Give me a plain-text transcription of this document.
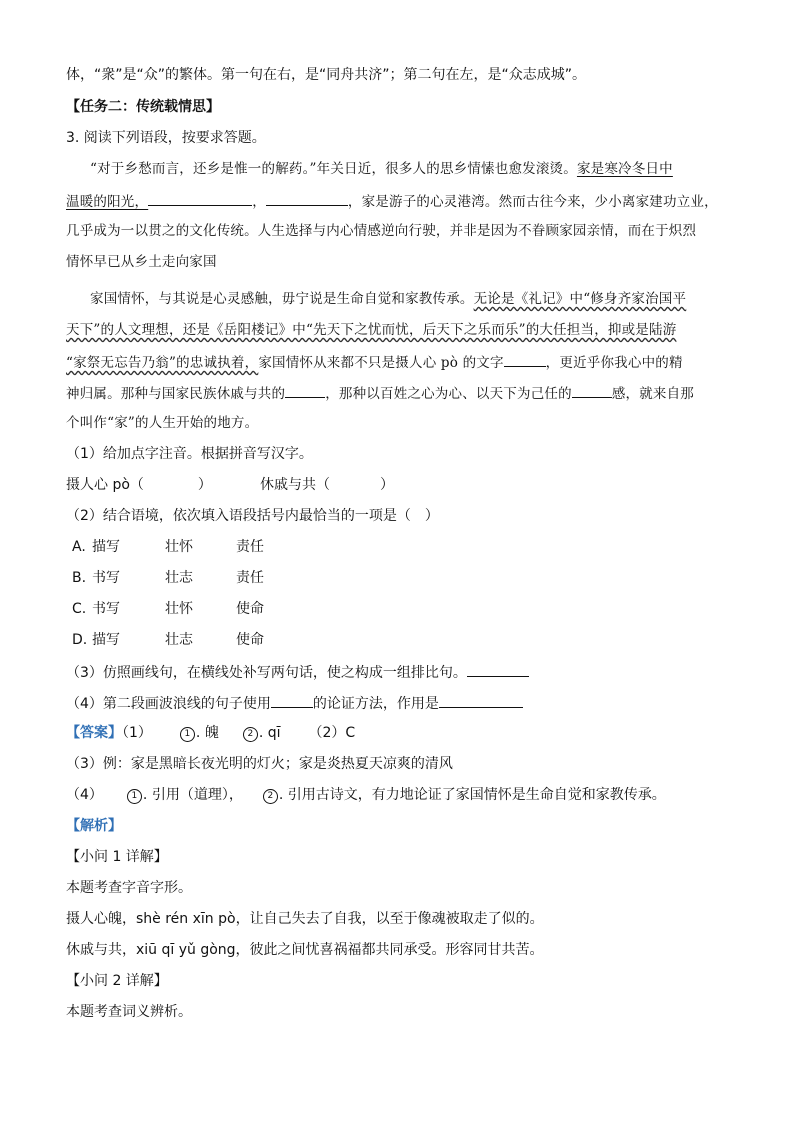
体，“衆”是“众”的繁体。第一句在右，是“同舟共济”；第二句在左，是“众志成城”。
【任务二：传统载情思】
3. 阅读下列语段，按要求答题。
“对于乡愁而言，还乡是惟一的解药。”年关日近，很多人的思乡情愫也愈发滚烫。家是寒冷冬日中
温暖的阳光，	，	，家是游子的心灵港湾。然而古往今来，少小离家建功立业，
几乎成为一以贯之的文化传统。人生选择与内心情感逆向行驶，并非是因为不眷顾家园亲情，而在于炽烈
情怀早已从乡土走向家国
家国情怀，与其说是心灵感触，毋宁说是生命自觉和家教传承。无论是《礼记》中“修身齐家治国平
天下”的人文理想，还是《岳阳楼记》中“先天下之忧而忧，后天下之乐而乐”的大任担当，抑或是陆游
“家祭无忘告乃翁”的忠诚执着，家国情怀从来都不只是摄人心 pò 的文字	，更近乎你我心中的精
神归属。那种与国家民族休戚与共的	，那种以百姓之心为心、以天下为己任的	感，就来自那
个叫作“家”的人生开始的地方。
（1）给加点字注音。根据拼音写汉字。
摄人心 pò（	）	休戚与共（	）
（2）结合语境，依次填入语段括号内最恰当的一项是（　）
A. 描写	壮怀	责任
B. 书写	壮志	责任
C. 书写	壮怀	使命
D. 描写	壮志	使命
（3）仿照画线句，在横线处补写两句话，使之构成一组排比句。
（4）第二段画波浪线的句子使用	的论证方法，作用是
【答案】（1）	1 . 魄	2 . qī （2）C
（3）例：家是黑暗长夜光明的灯火；家是炎热夏天凉爽的清风
（4）	1 . 引用（道理），	2 . 引用古诗文，有力地论证了家国情怀是生命自觉和家教传承。
【解析】
【小问 1 详解】
本题考查字音字形。
摄人心魄，shè rén xīn pò，让自己失去了自我，以至于像魂被取走了似的。
休戚与共，xiū qī yǔ gòng，彼此之间忧喜祸福都共同承受。形容同甘共苦。
【小问 2 详解】
本题考查词义辨析。
